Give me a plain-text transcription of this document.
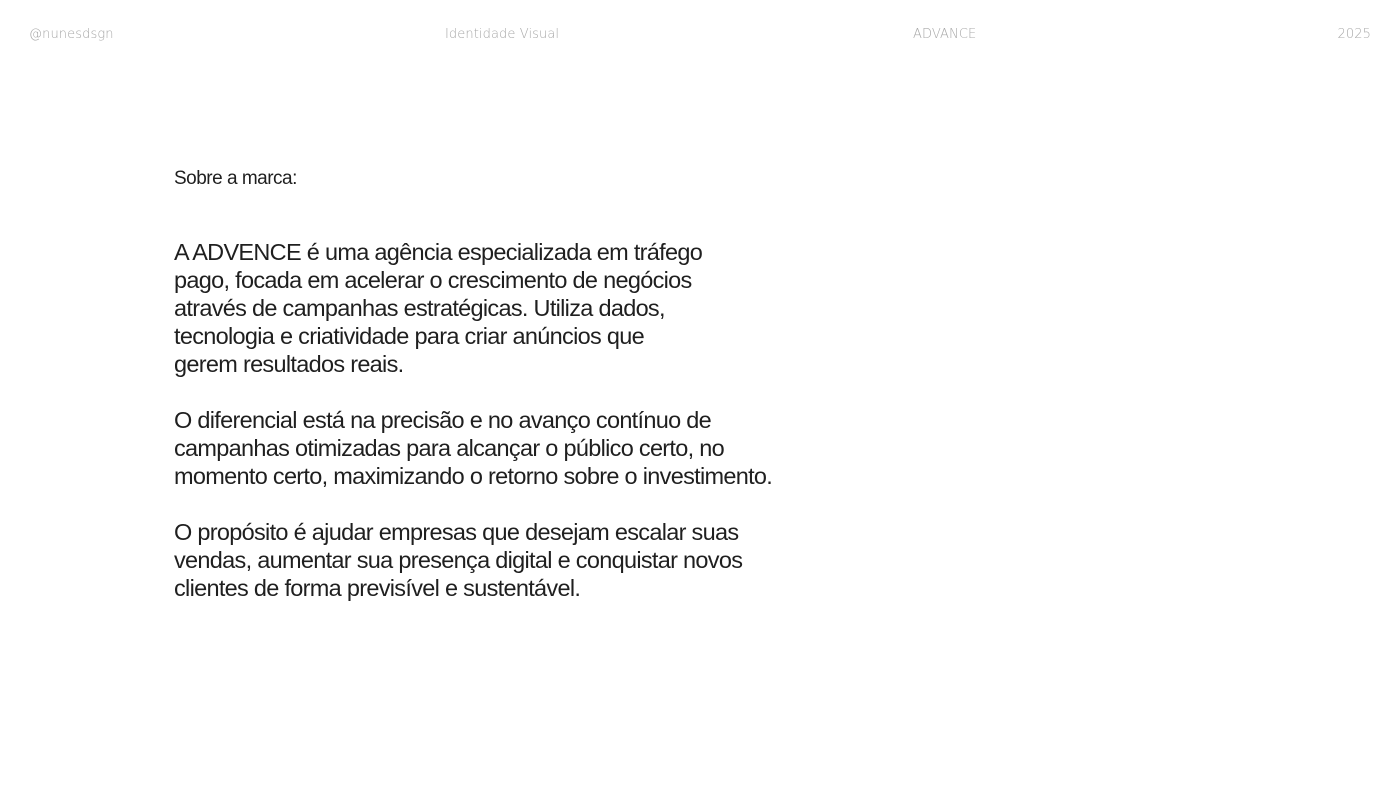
@nunesdsgn	Identidade Visual	ADVANCE	2025

Sobre a marca:

A ADVENCE é uma agência especializada em tráfego
pago, focada em acelerar o crescimento de negócios
através de campanhas estratégicas. Utiliza dados,
tecnologia e criatividade para criar anúncios que
gerem resultados reais.

O diferencial está na precisão e no avanço contínuo de
campanhas otimizadas para alcançar o público certo, no
momento certo, maximizando o retorno sobre o investimento.

O propósito é ajudar empresas que desejam escalar suas
vendas, aumentar sua presença digital e conquistar novos
clientes de forma previsível e sustentável.
